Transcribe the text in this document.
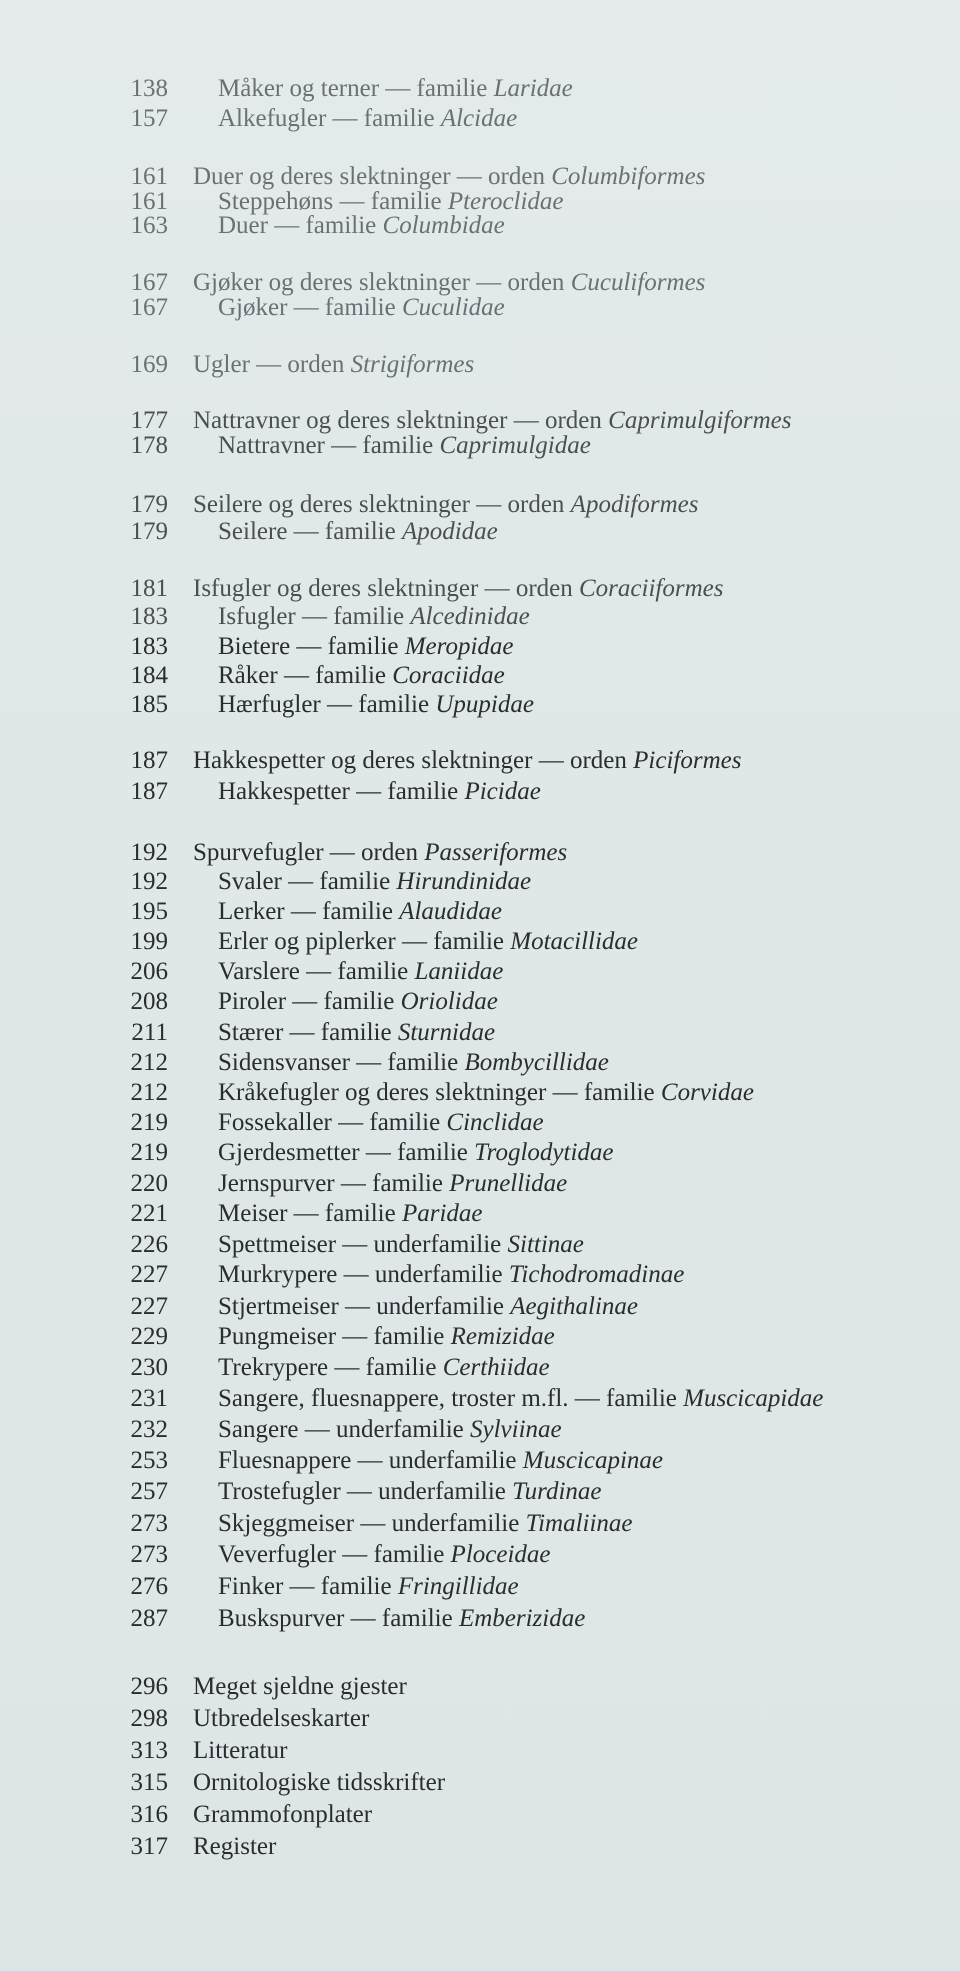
138 Måker og terner — familie Laridae
157 Alkefugler — familie Alcidae
161 Duer og deres slektninger — orden Columbiformes
161 Steppehøns — familie Pteroclidae
163 Duer — familie Columbidae
167 Gjøker og deres slektninger — orden Cuculiformes
167 Gjøker — familie Cuculidae
169 Ugler — orden Strigiformes
177 Nattravner og deres slektninger — orden Caprimulgiformes
178 Nattravner — familie Caprimulgidae
179 Seilere og deres slektninger — orden Apodiformes
179 Seilere — familie Apodidae
181 Isfugler og deres slektninger — orden Coraciiformes
183 Isfugler — familie Alcedinidae
183 Bietere — familie Meropidae
184 Råker — familie Coraciidae
185 Hærfugler — familie Upupidae
187 Hakkespetter og deres slektninger — orden Piciformes
187 Hakkespetter — familie Picidae
192 Spurvefugler — orden Passeriformes
192 Svaler — familie Hirundinidae
195 Lerker — familie Alaudidae
199 Erler og piplerker — familie Motacillidae
206 Varslere — familie Laniidae
208 Piroler — familie Oriolidae
211 Stærer — familie Sturnidae
212 Sidensvanser — familie Bombycillidae
212 Kråkefugler og deres slektninger — familie Corvidae
219 Fossekaller — familie Cinclidae
219 Gjerdesmetter — familie Troglodytidae
220 Jernspurver — familie Prunellidae
221 Meiser — familie Paridae
226 Spettmeiser — underfamilie Sittinae
227 Murkrypere — underfamilie Tichodromadinae
227 Stjertmeiser — underfamilie Aegithalinae
229 Pungmeiser — familie Remizidae
230 Trekrypere — familie Certhiidae
231 Sangere, fluesnappere, troster m.fl. — familie Muscicapidae
232 Sangere — underfamilie Sylviinae
253 Fluesnappere — underfamilie Muscicapinae
257 Trostefugler — underfamilie Turdinae
273 Skjeggmeiser — underfamilie Timaliinae
273 Veverfugler — familie Ploceidae
276 Finker — familie Fringillidae
287 Buskspurver — familie Emberizidae
296 Meget sjeldne gjester
298 Utbredelseskarter
313 Litteratur
315 Ornitologiske tidsskrifter
316 Grammofonplater
317 Register
